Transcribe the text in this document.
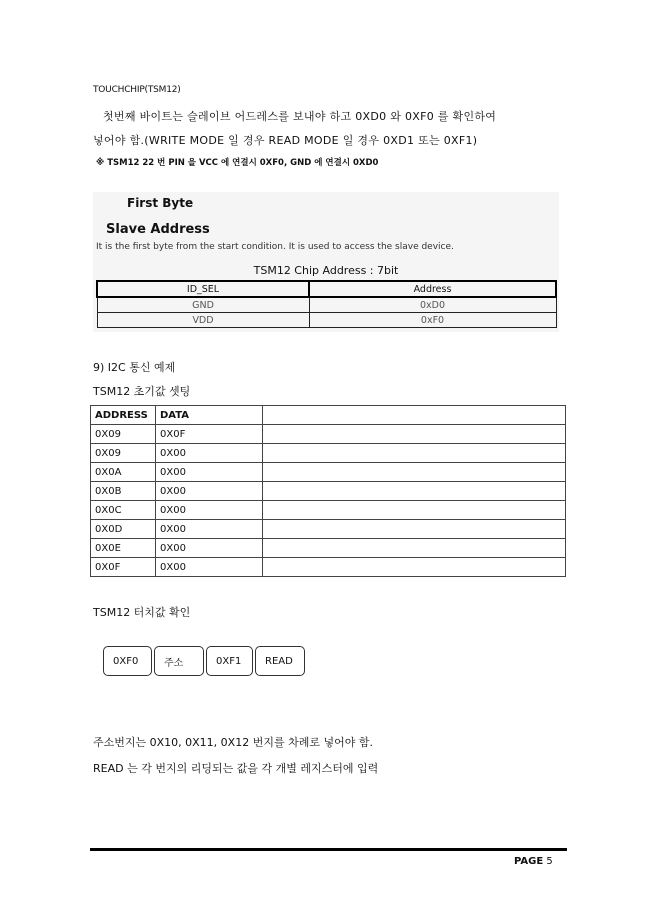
TOUCHCHIP(TSM12)
첫번째 바이트는 슬레이브 어드레스를 보내야 하고 0XD0 와 0XF0 를 확인하여
넣어야 함.(WRITE MODE 일 경우 READ MODE 일 경우 0XD1 또는 0XF1)
※ TSM12 22 번 PIN 을 VCC 에 연결시 0XF0, GND 에 연결시 0XD0
First Byte
Slave Address
It is the first byte from the start condition. It is used to access the slave device.
TSM12 Chip Address : 7bit
ID_SEL	Address
GND	0xD0
VDD	0xF0
9) I2C 통신 예제
TSM12 초기값 셋팅
ADDRESS	DATA	
0X09	0X0F	
0X09	0X00	
0X0A	0X00	
0X0B	0X00	
0X0C	0X00	
0X0D	0X00	
0X0E	0X00	
0X0F	0X00	
TSM12 터치값 확인
0XF0	주소	0XF1	READ
주소번지는 0X10, 0X11, 0X12 번지를 차례로 넣어야 함.
READ 는 각 번지의 리딩되는 값을 각 개별 레지스터에 입력
PAGE 5
